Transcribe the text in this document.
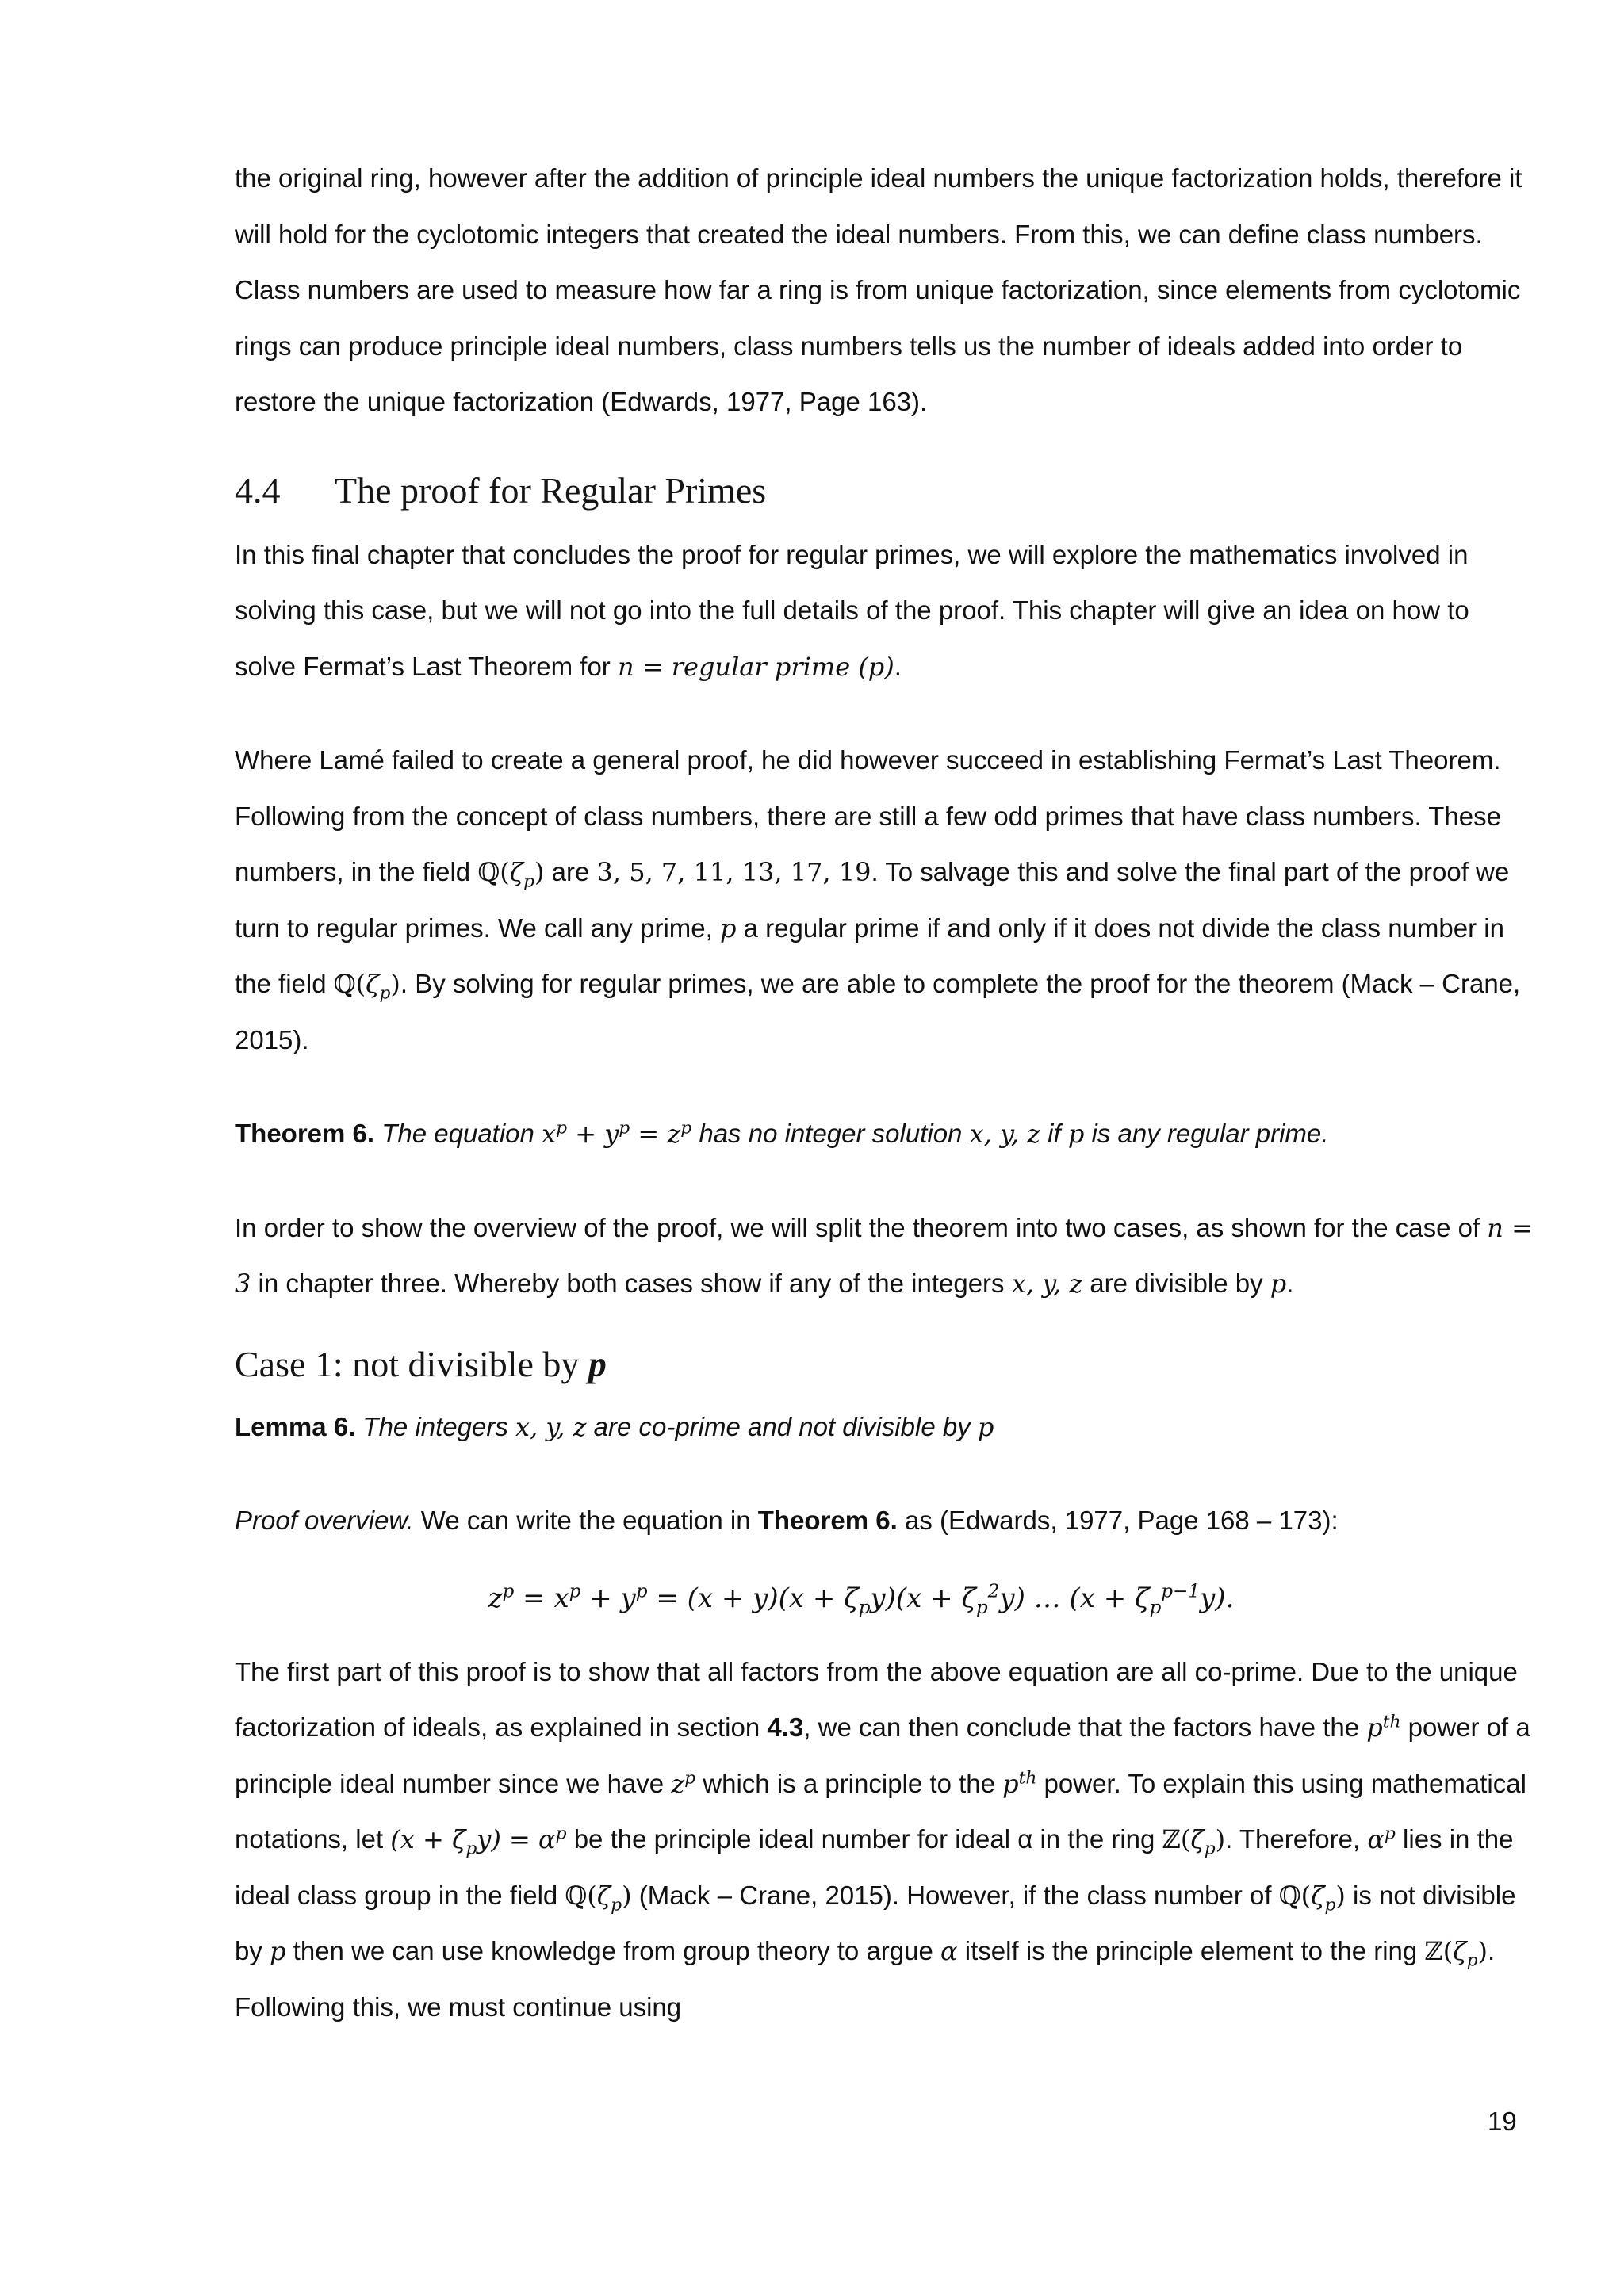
the original ring, however after the addition of principle ideal numbers the unique factorization holds, therefore it will hold for the cyclotomic integers that created the ideal numbers. From this, we can define class numbers. Class numbers are used to measure how far a ring is from unique factorization, since elements from cyclotomic rings can produce principle ideal numbers, class numbers tells us the number of ideals added into order to restore the unique factorization (Edwards, 1977, Page 163).

4.4	The proof for Regular Primes

In this final chapter that concludes the proof for regular primes, we will explore the mathematics involved in solving this case, but we will not go into the full details of the proof. This chapter will give an idea on how to solve Fermat’s Last Theorem for n = regular prime (p).

Where Lamé failed to create a general proof, he did however succeed in establishing Fermat’s Last Theorem. Following from the concept of class numbers, there are still a few odd primes that have class numbers. These numbers, in the field $ℚ(\zeta_p)$ are 3, 5, 7, 11, 13, 17, 19. To salvage this and solve the final part of the proof we turn to regular primes. We call any prime, p a regular prime if and only if it does not divide the class number in the field $ℚ(\zeta_p)$. By solving for regular primes, we are able to complete the proof for the theorem (Mack – Crane, 2015).

Theorem 6. The equation $x^p + y^p = z^p$ has no integer solution x, y, z if p is any regular prime.

In order to show the overview of the proof, we will split the theorem into two cases, as shown for the case of n = 3 in chapter three. Whereby both cases show if any of the integers x, y, z are divisible by p.

Case 1: not divisible by p

Lemma 6. The integers x, y, z are co-prime and not divisible by p

Proof overview. We can write the equation in Theorem 6. as (Edwards, 1977, Page 168 – 173):

$z^p = x^p + y^p = (x + y)(x + \zeta_py)(x + \zeta_p^2y)$ … $(x + \zeta_p^{p-1}y)$.

The first part of this proof is to show that all factors from the above equation are all co-prime. Due to the unique factorization of ideals, as explained in section 4.3, we can then conclude that the factors have the $p^{th}$ power of a principle ideal number since we have $z^p$ which is a principle to the $p^{th}$ power. To explain this using mathematical notations, let $(x + \zeta_py) = \alpha^p$ be the principle ideal number for ideal α in the ring $ℤ(\zeta_p)$. Therefore, $\alpha^p$ lies in the ideal class group in the field $ℚ(\zeta_p)$ (Mack – Crane, 2015). However, if the class number of $ℚ(\zeta_p)$ is not divisible by p then we can use knowledge from group theory to argue α itself is the principle element to the ring $ℤ(\zeta_p)$. Following this, we must continue using

19
